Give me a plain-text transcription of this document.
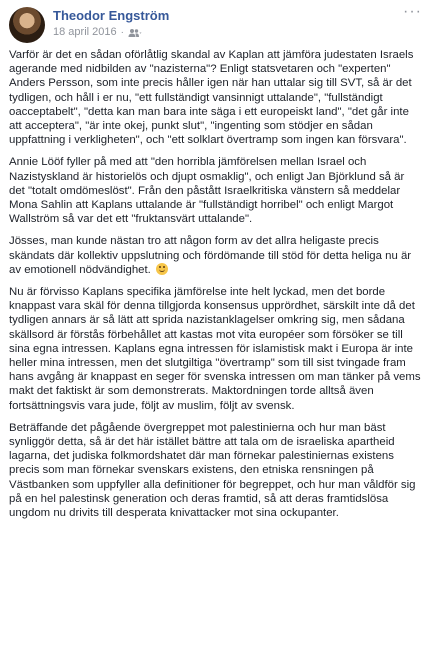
Theodor Engström
18 april 2016 ·
···

Varför är det en sådan oförlåtlig skandal av Kaplan att jämföra judestaten Israels agerande med nidbilden av "nazisterna"? Enligt statsvetaren och "experten" Anders Persson, som inte precis håller igen när han uttalar sig till SVT, så är det tydligen, och håll i er nu, "ett fullständigt vansinnigt uttalande", "fullständigt oacceptabelt", "detta kan man bara inte säga i ett europeiskt land", "det går inte att acceptera", "är inte okej, punkt slut", "ingenting som stödjer en sådan uppfattning i verkligheten", och "ett solklart övertramp som ingen kan försvara".

Annie Lööf fyller på med att "den horribla jämförelsen mellan Israel och Nazistyskland är historielös och djupt osmaklig", och enligt Jan Björklund så är det "totalt omdömeslöst". Från den påstått Israelkritiska vänstern så meddelar Mona Sahlin att Kaplans uttalande är "fullständigt horribel" och enligt Margot Wallström så var det ett "fruktansvärt uttalande".

Jösses, man kunde nästan tro att någon form av det allra heligaste precis skändats där kollektiv uppslutning och fördömande till stöd för detta heliga nu är av emotionell nödvändighet.

Nu är förvisso Kaplans specifika jämförelse inte helt lyckad, men det borde knappast vara skäl för denna tillgjorda konsensus upprördhet, särskilt inte då det tydligen annars är så lätt att sprida nazistanklagelser omkring sig, men sådana skällsord är förstås förbehållet att kastas mot vita européer som försöker se till sina egna intressen. Kaplans egna intressen för islamistisk makt i Europa är inte heller mina intressen, men det slutgiltiga "övertramp" som till sist tvingade fram hans avgång är knappast en seger för svenska intressen om man tänker på vems makt det faktiskt är som demonstrerats. Maktordningen torde alltså även fortsättningsvis vara jude, följt av muslim, följt av svensk.

Beträffande det pågående övergreppet mot palestinierna och hur man bäst synliggör detta, så är det här istället bättre att tala om de israeliska apartheid lagarna, det judiska folkmordshatet där man förnekar palestiniernas existens precis som man förnekar svenskars existens, den etniska rensningen på Västbanken som uppfyller alla definitioner för begreppet, och hur man våldför sig på en hel palestinsk generation och deras framtid, så att deras framtidslösa ungdom nu drivits till desperata knivattacker mot sina ockupanter.
